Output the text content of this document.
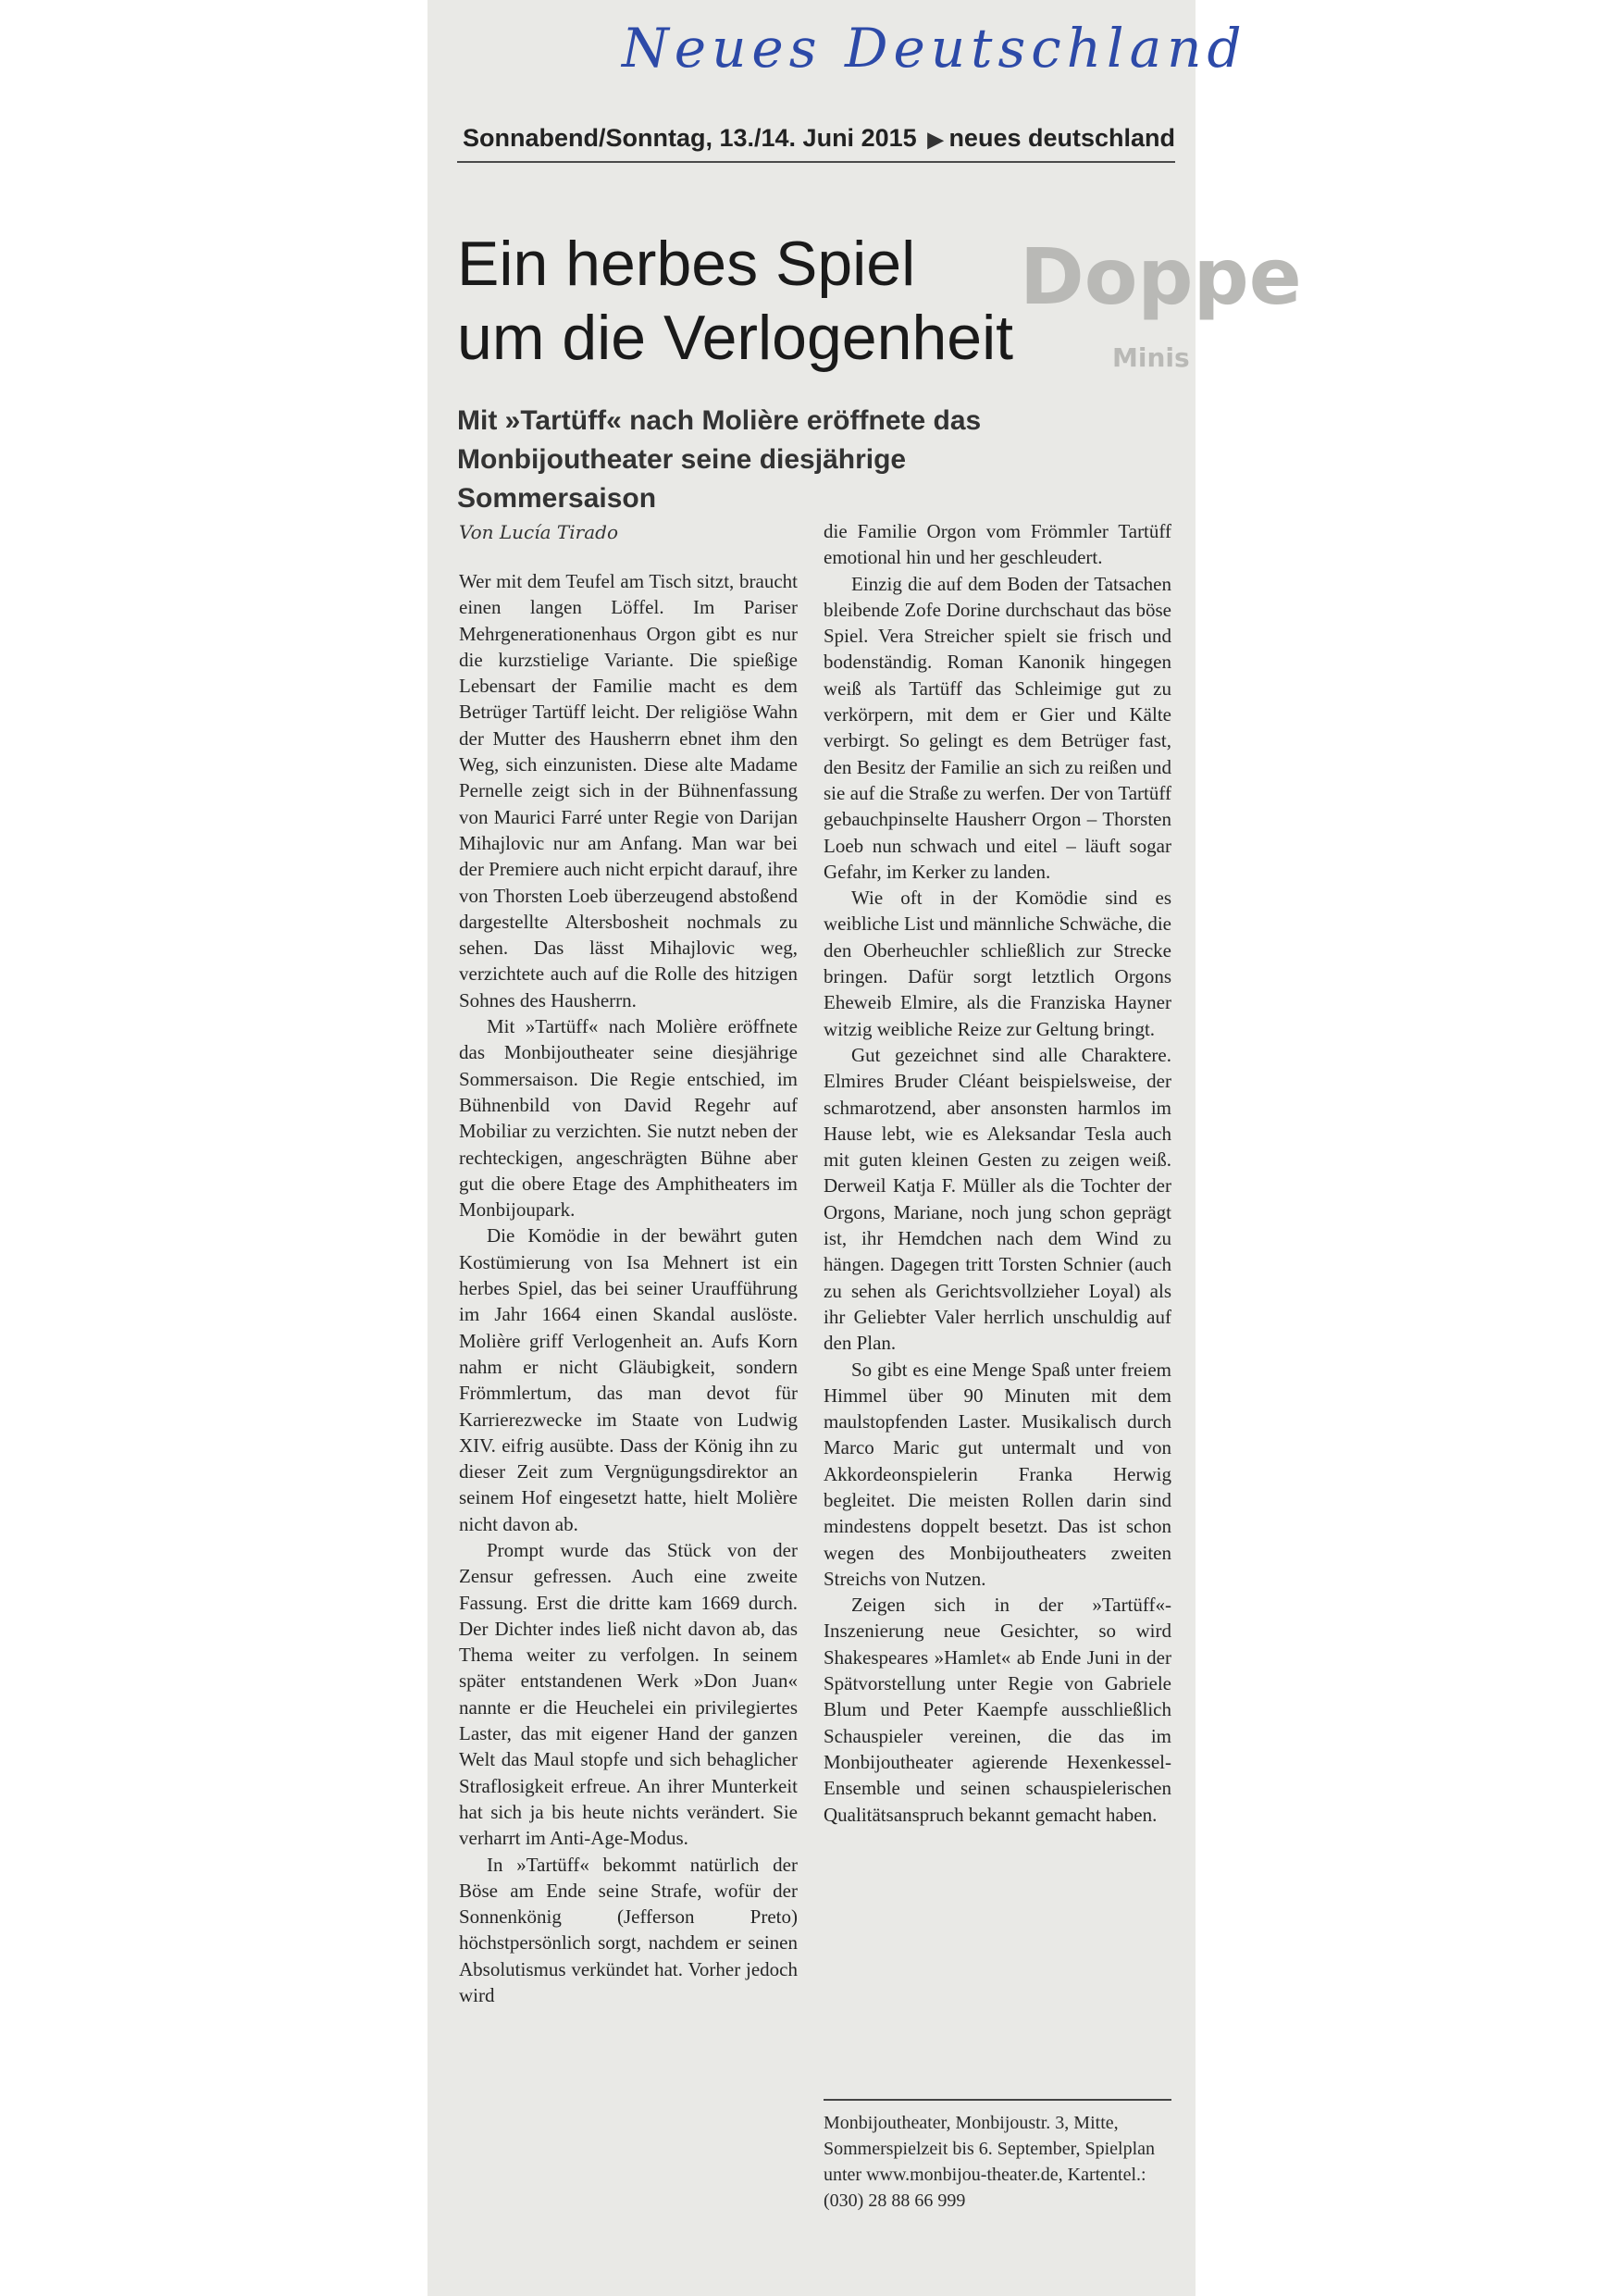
Doppe
Minis
Neues Deutschland
Sonnabend/Sonntag, 13./14. Juni 2015 ▶ neues deutschland
Ein herbes Spiel
um die Verlogenheit
Mit »Tartüff« nach Molière eröffnete das
Monbijoutheater seine diesjährige Sommersaison
Von Lucía Tirado

Wer mit dem Teufel am Tisch sitzt, braucht einen langen Löffel. Im Pariser Mehrgenerationenhaus Orgon gibt es nur die kurzstielige Variante. Die spießige Lebensart der Familie macht es dem Betrüger Tartüff leicht. Der religiöse Wahn der Mutter des Hausherrn ebnet ihm den Weg, sich einzunisten. Diese alte Madame Pernelle zeigt sich in der Bühnenfassung von Maurici Farré unter Regie von Darijan Mihajlovic nur am Anfang. Man war bei der Premiere auch nicht erpicht darauf, ihre von Thorsten Loeb überzeugend abstoßend dargestellte Altersbosheit nochmals zu sehen. Das lässt Mihajlovic weg, verzichtete auch auf die Rolle des hitzigen Sohnes des Hausherrn.

Mit »Tartüff« nach Molière eröffnete das Monbijoutheater seine diesjährige Sommersaison. Die Regie entschied, im Bühnenbild von David Regehr auf Mobiliar zu verzichten. Sie nutzt neben der rechteckigen, angeschrägten Bühne aber gut die obere Etage des Amphitheaters im Monbijoupark.

Die Komödie in der bewährt guten Kostümierung von Isa Mehnert ist ein herbes Spiel, das bei seiner Uraufführung im Jahr 1664 einen Skandal auslöste. Molière griff Verlogenheit an. Aufs Korn nahm er nicht Gläubigkeit, sondern Frömmlertum, das man devot für Karrierezwecke im Staate von Ludwig XIV. eifrig ausübte. Dass der König ihn zu dieser Zeit zum Vergnügungsdirektor an seinem Hof eingesetzt hatte, hielt Molière nicht davon ab.

Prompt wurde das Stück von der Zensur gefressen. Auch eine zweite Fassung. Erst die dritte kam 1669 durch. Der Dichter indes ließ nicht davon ab, das Thema weiter zu verfolgen. In seinem später entstandenen Werk »Don Juan« nannte er die Heuchelei ein privilegiertes Laster, das mit eigener Hand der ganzen Welt das Maul stopfe und sich behaglicher Straflosigkeit erfreue. An ihrer Munterkeit hat sich ja bis heute nichts verändert. Sie verharrt im Anti-Age-Modus.

In »Tartüff« bekommt natürlich der Böse am Ende seine Strafe, wofür der Sonnenkönig (Jefferson Preto) höchstpersönlich sorgt, nachdem er seinen Absolutismus verkündet hat. Vorher jedoch wird

die Familie Orgon vom Frömmler Tartüff emotional hin und her geschleudert.

Einzig die auf dem Boden der Tatsachen bleibende Zofe Dorine durchschaut das böse Spiel. Vera Streicher spielt sie frisch und bodenständig. Roman Kanonik hingegen weiß als Tartüff das Schleimige gut zu verkörpern, mit dem er Gier und Kälte verbirgt. So gelingt es dem Betrüger fast, den Besitz der Familie an sich zu reißen und sie auf die Straße zu werfen. Der von Tartüff gebauchpinselte Hausherr Orgon – Thorsten Loeb nun schwach und eitel – läuft sogar Gefahr, im Kerker zu landen.

Wie oft in der Komödie sind es weibliche List und männliche Schwäche, die den Oberheuchler schließlich zur Strecke bringen. Dafür sorgt letztlich Orgons Eheweib Elmire, als die Franziska Hayner witzig weibliche Reize zur Geltung bringt.

Gut gezeichnet sind alle Charaktere. Elmires Bruder Cléant beispielsweise, der schmarotzend, aber ansonsten harmlos im Hause lebt, wie es Aleksandar Tesla auch mit guten kleinen Gesten zu zeigen weiß. Derweil Katja F. Müller als die Tochter der Orgons, Mariane, noch jung schon geprägt ist, ihr Hemdchen nach dem Wind zu hängen. Dagegen tritt Torsten Schnier (auch zu sehen als Gerichtsvollzieher Loyal) als ihr Geliebter Valer herrlich unschuldig auf den Plan.

So gibt es eine Menge Spaß unter freiem Himmel über 90 Minuten mit dem maulstopfenden Laster. Musikalisch durch Marco Maric gut untermalt und von Akkordeonspielerin Franka Herwig begleitet. Die meisten Rollen darin sind mindestens doppelt besetzt. Das ist schon wegen des Monbijoutheaters zweiten Streichs von Nutzen.

Zeigen sich in der »Tartüff«-Inszenierung neue Gesichter, so wird Shakespeares »Hamlet« ab Ende Juni in der Spätvorstellung unter Regie von Gabriele Blum und Peter Kaempfe ausschließlich Schauspieler vereinen, die das im Monbijoutheater agierende Hexenkessel-Ensemble und seinen schauspielerischen Qualitätsanspruch bekannt gemacht haben.

Monbijoutheater, Monbijoustr. 3, Mitte, Sommerspielzeit bis 6. September, Spielplan unter www.monbijou-theater.de, Kartentel.: (030) 28 88 66 999
